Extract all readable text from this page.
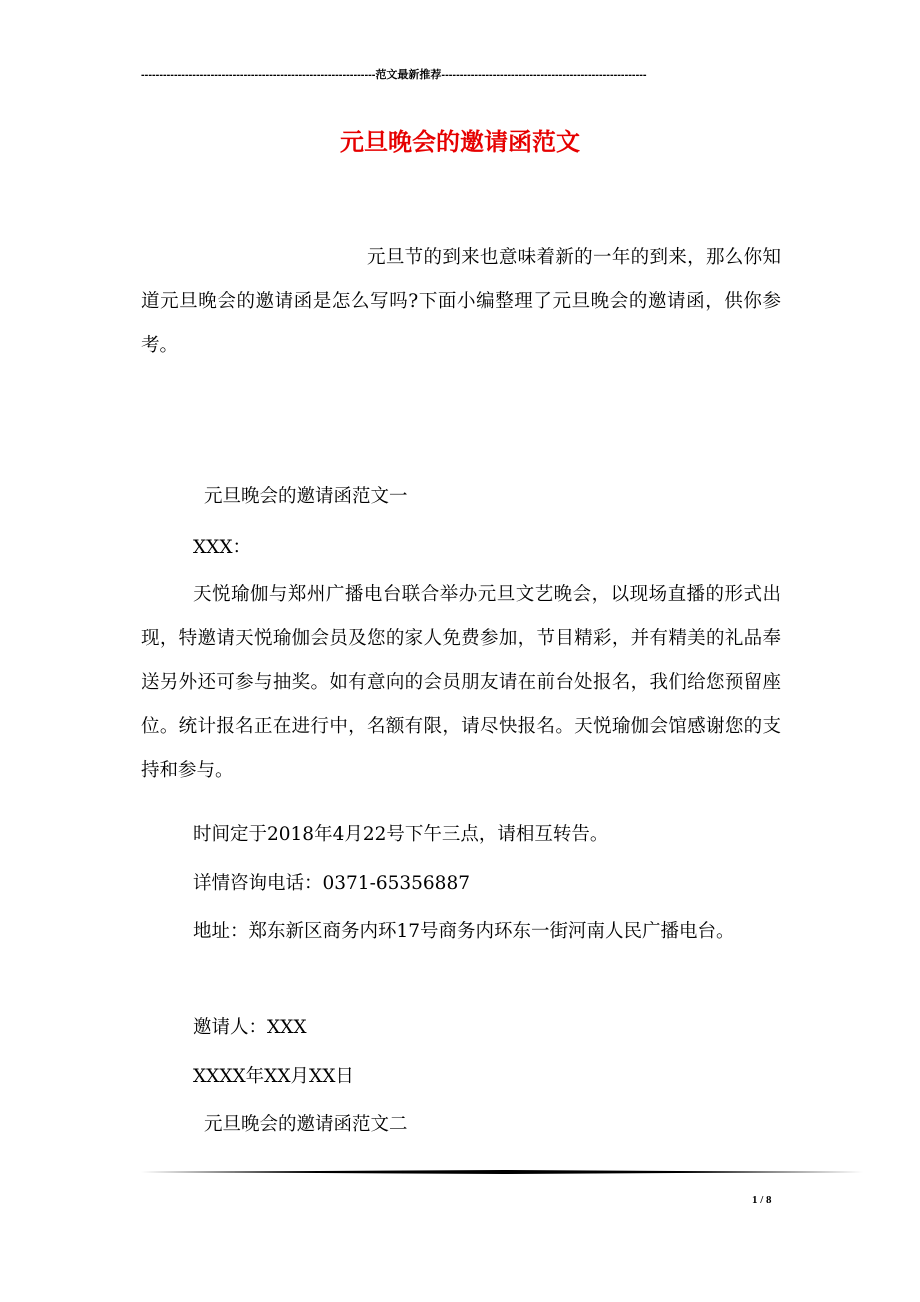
----------------------------------------------------------------范文最新推荐--------------------------------------------------------
元旦晚会的邀请函范文
元旦节的到来也意味着新的一年的到来，那么你知道元旦晚会的邀请函是怎么写吗?下面小编整理了元旦晚会的邀请函，供你参考。
元旦晚会的邀请函范文一
XXX：
天悦瑜伽与郑州广播电台联合举办元旦文艺晚会，以现场直播的形式出现，特邀请天悦瑜伽会员及您的家人免费参加，节目精彩，并有精美的礼品奉送另外还可参与抽奖。如有意向的会员朋友请在前台处报名，我们给您预留座位。统计报名正在进行中，名额有限，请尽快报名。天悦瑜伽会馆感谢您的支持和参与。
时间定于2018年4月22号下午三点，请相互转告。
详情咨询电话：0371-65356887
地址：郑东新区商务内环17号商务内环东一街河南人民广播电台。
邀请人：XXX
XXXX年XX月XX日
元旦晚会的邀请函范文二
1 / 8
